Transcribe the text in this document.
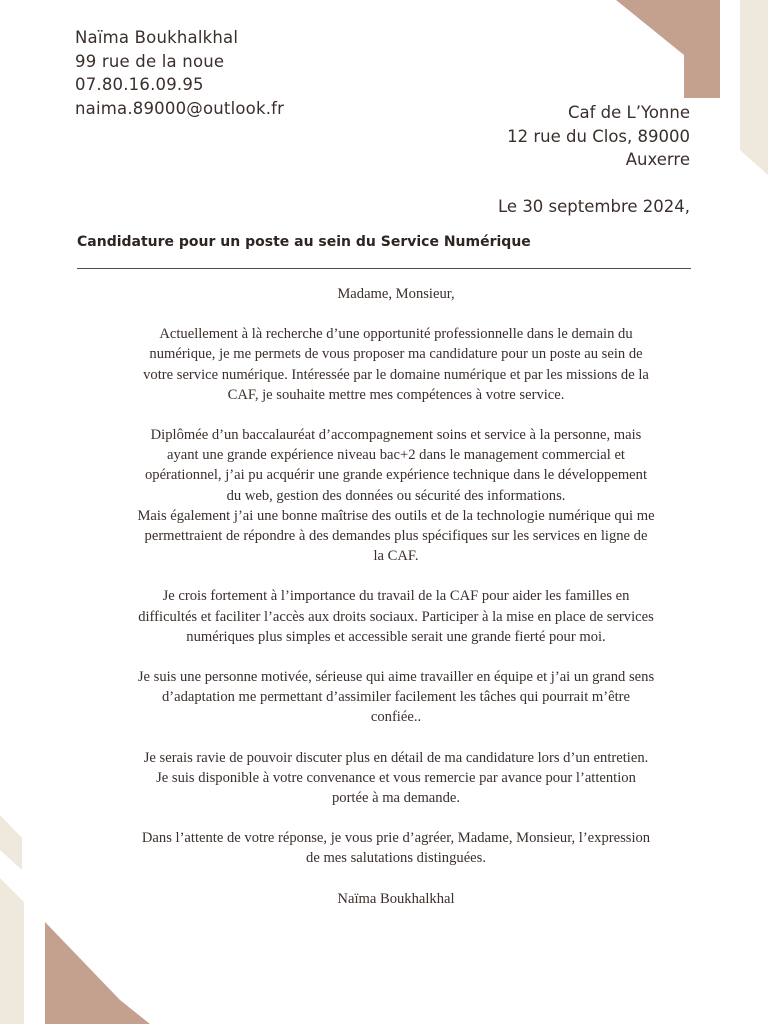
Naïma Boukhalkhal
99 rue de la noue
07.80.16.09.95
naima.89000@outlook.fr	Caf de L’Yonne
12 rue du Clos, 89000
Auxerre
Le 30 septembre 2024,
Candidature pour un poste au sein du Service Numérique

Madame, Monsieur,

Actuellement à là recherche d’une opportunité professionnelle dans le demain du
numérique, je me permets de vous proposer ma candidature pour un poste au sein de
votre service numérique. Intéressée par le domaine numérique et par les missions de la
CAF, je souhaite mettre mes compétences à votre service.

Diplômée d’un baccalauréat d’accompagnement soins et service à la personne, mais
ayant une grande expérience niveau bac+2 dans le management commercial et
opérationnel, j’ai pu acquérir une grande expérience technique dans le développement
du web, gestion des données ou sécurité des informations.
Mais également j’ai une bonne maîtrise des outils et de la technologie numérique qui me
permettraient de répondre à des demandes plus spécifiques sur les services en ligne de
la CAF.

Je crois fortement à l’importance du travail de la CAF pour aider les familles en
difficultés et faciliter l’accès aux droits sociaux. Participer à la mise en place de services
numériques plus simples et accessible serait une grande fierté pour moi.

Je suis une personne motivée, sérieuse qui aime travailler en équipe et j’ai un grand sens
d’adaptation me permettant d’assimiler facilement les tâches qui pourrait m’être
confiée..

Je serais ravie de pouvoir discuter plus en détail de ma candidature lors d’un entretien.
Je suis disponible à votre convenance et vous remercie par avance pour l’attention
portée à ma demande.

Dans l’attente de votre réponse, je vous prie d’agréer, Madame, Monsieur, l’expression
de mes salutations distinguées.

Naïma Boukhalkhal
